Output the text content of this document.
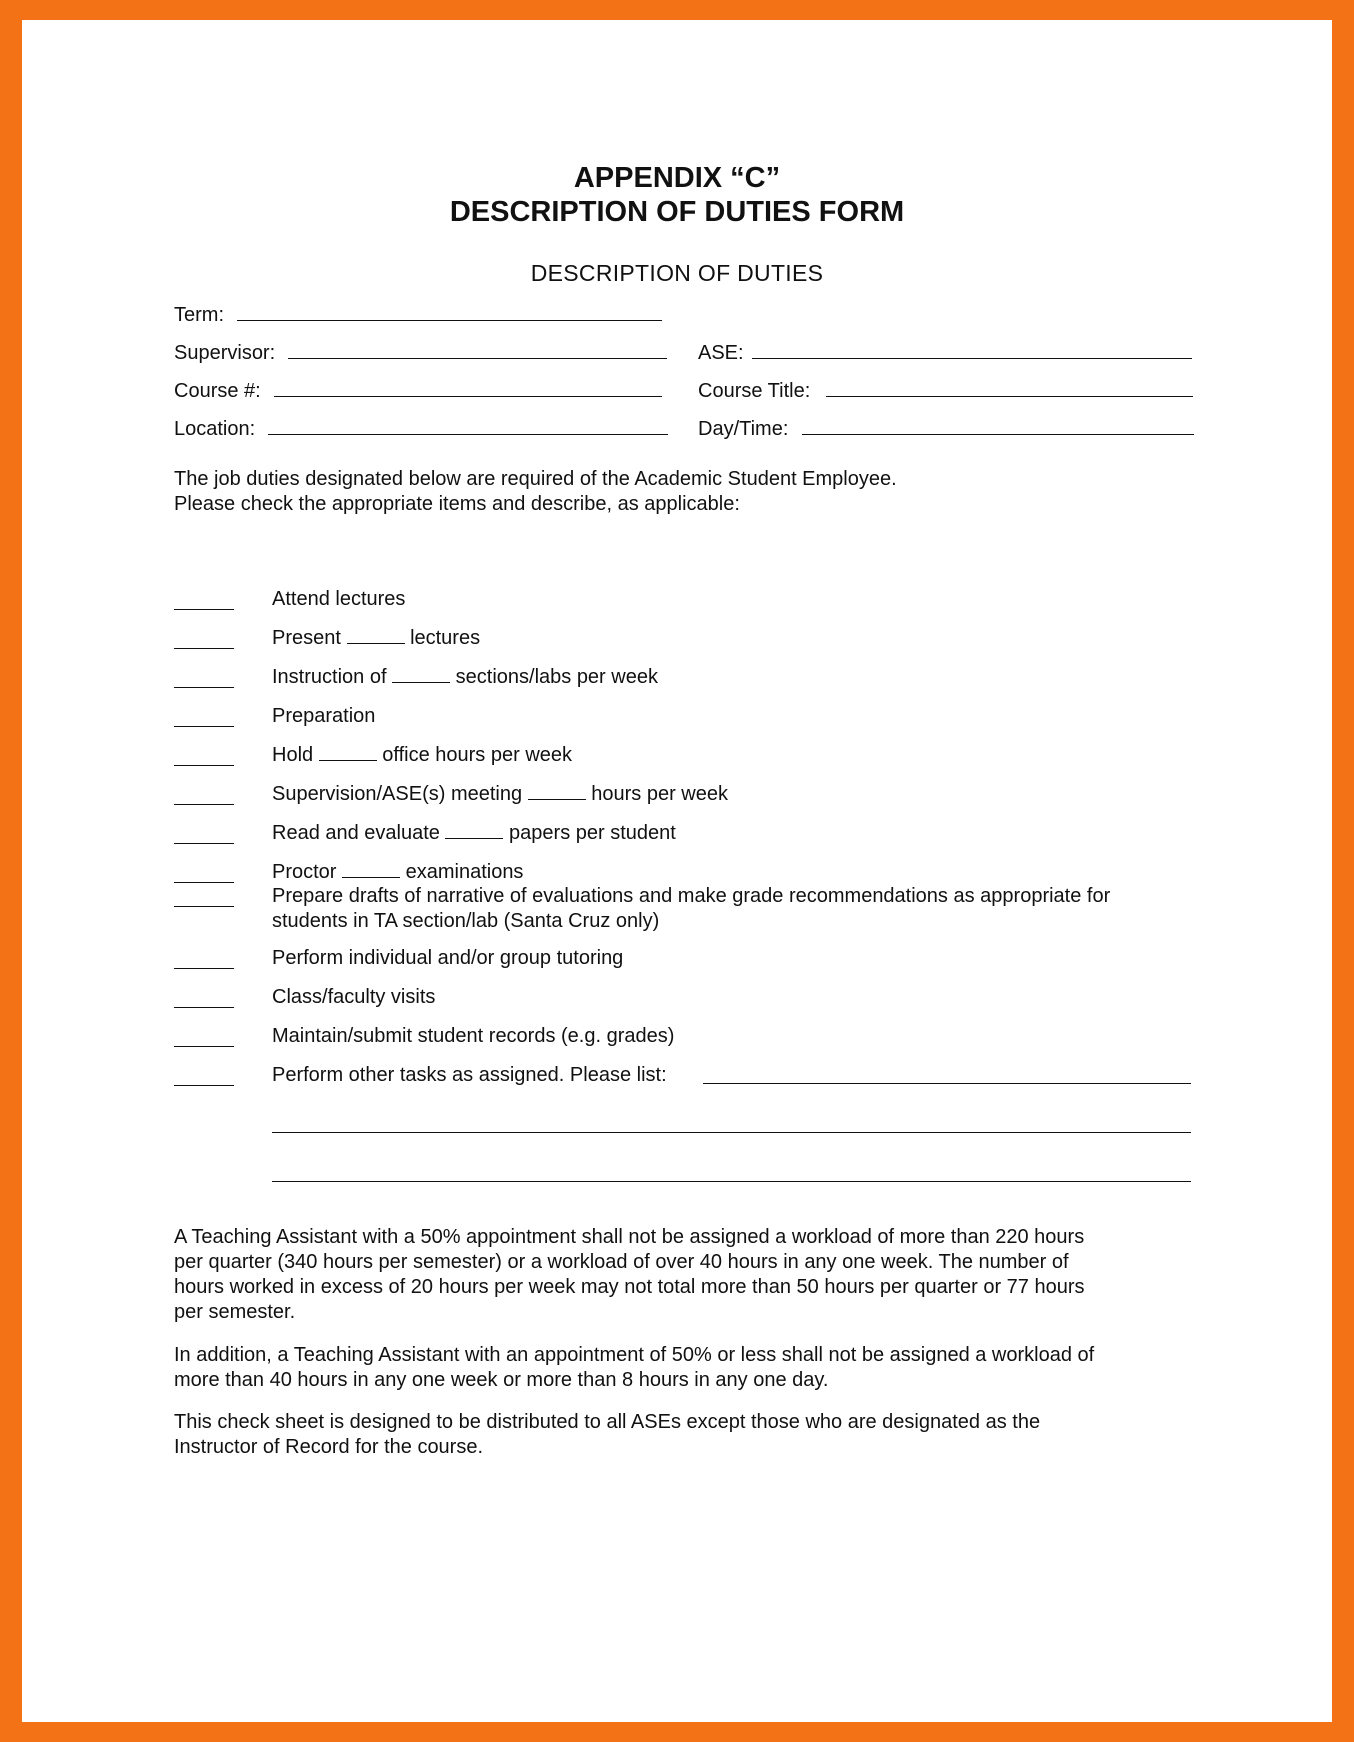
APPENDIX “C”
DESCRIPTION OF DUTIES FORM
DESCRIPTION OF DUTIES
Term:
Supervisor:	ASE:
Course #:	Course Title:
Location:	Day/Time:
The job duties designated below are required of the Academic Student Employee.
Please check the appropriate items and describe, as applicable:
Attend lectures
Present	lectures
Instruction of	sections/labs per week
Preparation
Hold	office hours per week
Supervision/ASE(s) meeting	hours per week
Read and evaluate	papers per student
Proctor	examinations
Prepare drafts of narrative of evaluations and make grade recommendations as appropriate for
students in TA section/lab (Santa Cruz only)
Perform individual and/or group tutoring
Class/faculty visits
Maintain/submit student records (e.g. grades)
Perform other tasks as assigned. Please list:
A Teaching Assistant with a 50% appointment shall not be assigned a workload of more than 220 hours
per quarter (340 hours per semester) or a workload of over 40 hours in any one week. The number of
hours worked in excess of 20 hours per week may not total more than 50 hours per quarter or 77 hours
per semester.
In addition, a Teaching Assistant with an appointment of 50% or less shall not be assigned a workload of
more than 40 hours in any one week or more than 8 hours in any one day.
This check sheet is designed to be distributed to all ASEs except those who are designated as the
Instructor of Record for the course.
